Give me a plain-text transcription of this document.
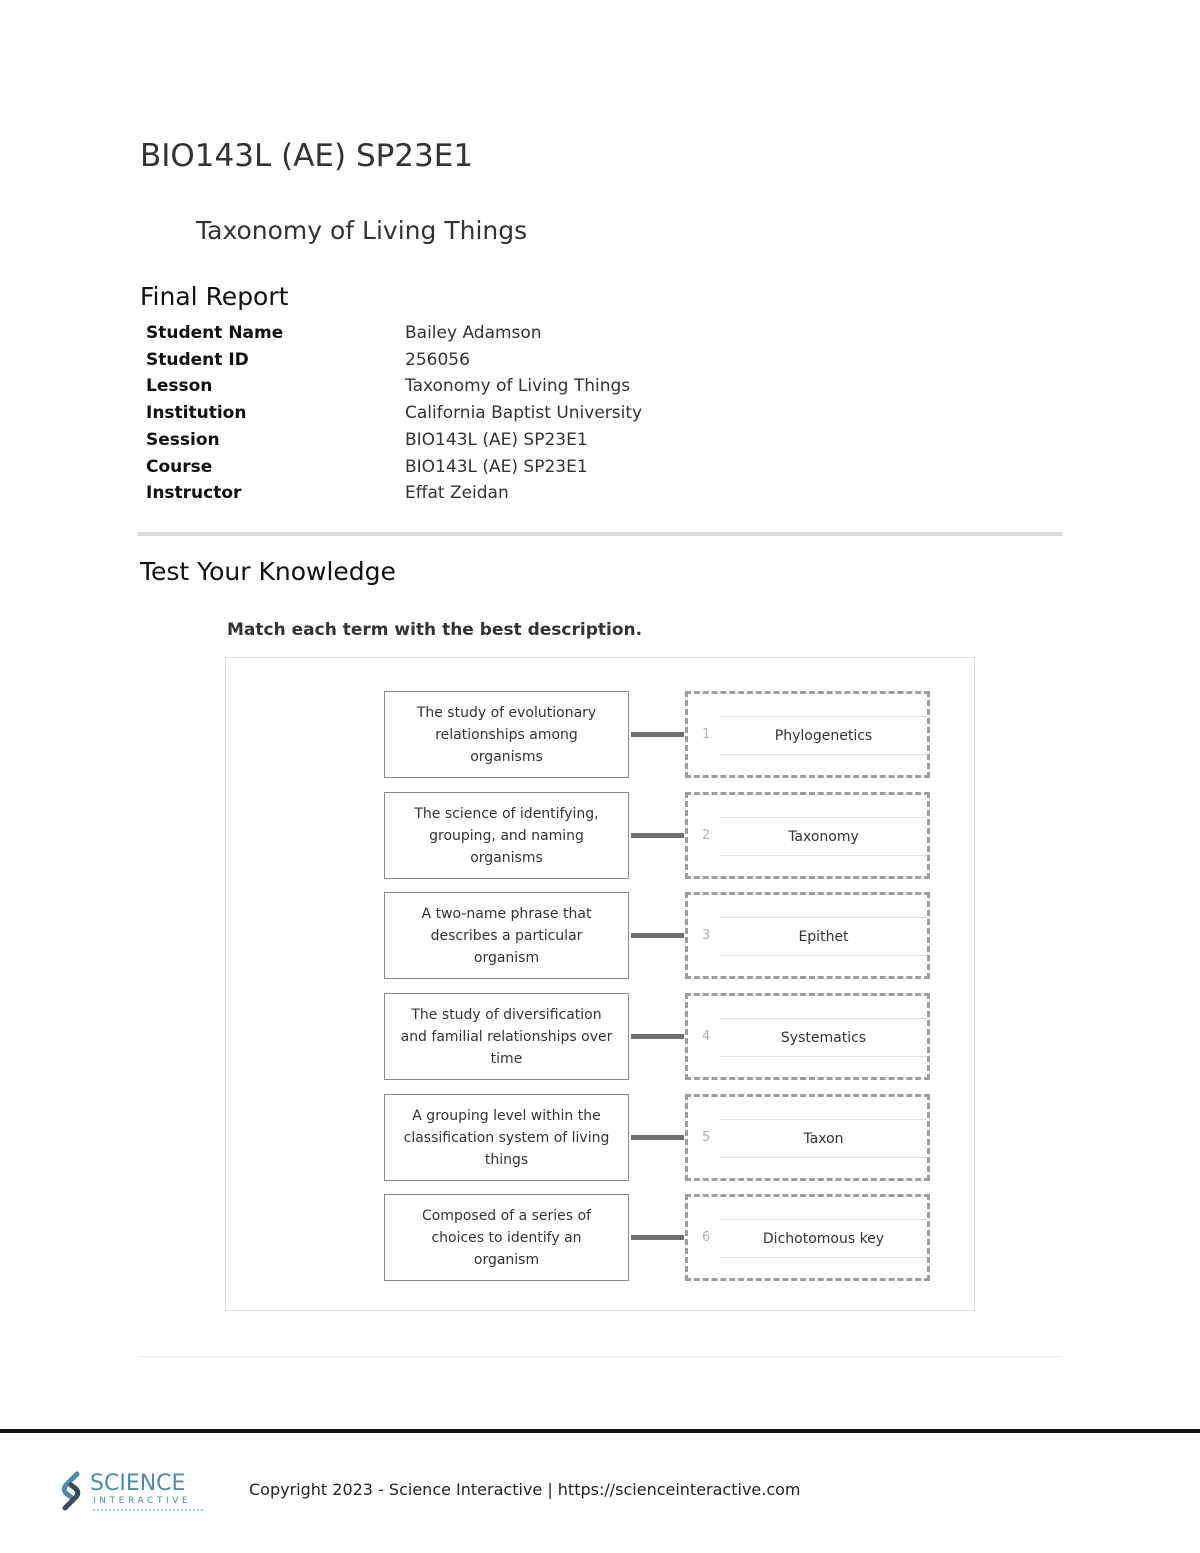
BIO143L (AE) SP23E1
Taxonomy of Living Things
Final Report
Student Name	Bailey Adamson
Student ID	256056
Lesson	Taxonomy of Living Things
Institution	California Baptist University
Session	BIO143L (AE) SP23E1
Course	BIO143L (AE) SP23E1
Instructor	Effat Zeidan
Test Your Knowledge
Match each term with the best description.
The study of evolutionary relationships among organisms
1	Phylogenetics
The science of identifying, grouping, and naming organisms
2	Taxonomy
A two-name phrase that describes a particular organism
3	Epithet
The study of diversification and familial relationships over time
4	Systematics
A grouping level within the classification system of living things
5	Taxon
Composed of a series of choices to identify an organism
6	Dichotomous key
SCIENCE
INTERACTIVE
Copyright 2023 - Science Interactive | https://scienceinteractive.com
